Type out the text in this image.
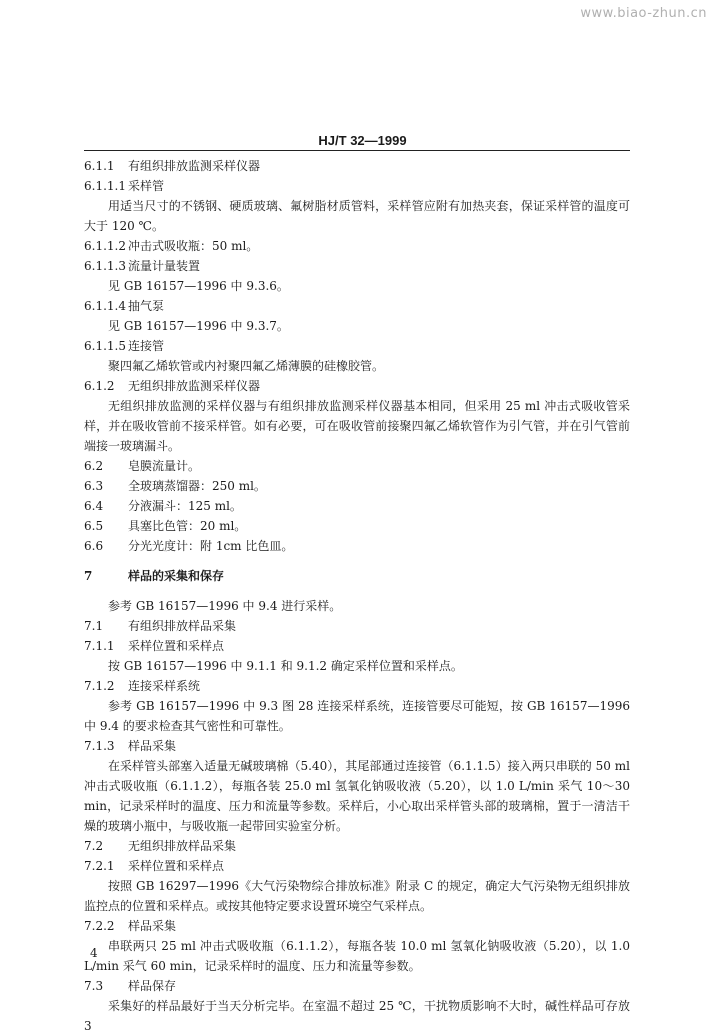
www.biao-zhun.cn
HJ/T 32—1999
6.1.1 有组织排放监测采样仪器
6.1.1.1 采样管
用适当尺寸的不锈钢、硬质玻璃、氟树脂材质管料，采样管应附有加热夹套，保证采样管的温度可大于 120 ℃。
6.1.1.2 冲击式吸收瓶：50 ml。
6.1.1.3 流量计量装置
见 GB 16157—1996 中 9.3.6。
6.1.1.4 抽气泵
见 GB 16157—1996 中 9.3.7。
6.1.1.5 连接管
聚四氟乙烯软管或内衬聚四氟乙烯薄膜的硅橡胶管。
6.1.2 无组织排放监测采样仪器
无组织排放监测的采样仪器与有组织排放监测采样仪器基本相同，但采用 25 ml 冲击式吸收管采样，并在吸收管前不接采样管。如有必要，可在吸收管前接聚四氟乙烯软管作为引气管，并在引气管前端接一玻璃漏斗。
6.2 皂膜流量计。
6.3 全玻璃蒸馏器：250 ml。
6.4 分液漏斗：125 ml。
6.5 具塞比色管：20 ml。
6.6 分光光度计：附 1cm 比色皿。
7	样品的采集和保存
参考 GB 16157—1996 中 9.4 进行采样。
7.1 有组织排放样品采集
7.1.1 采样位置和采样点
按 GB 16157—1996 中 9.1.1 和 9.1.2 确定采样位置和采样点。
7.1.2 连接采样系统
参考 GB 16157—1996 中 9.3 图 28 连接采样系统，连接管要尽可能短，按 GB 16157—1996 中 9.4 的要求检查其气密性和可靠性。
7.1.3 样品采集
在采样管头部塞入适量无碱玻璃棉（5.40），其尾部通过连接管（6.1.1.5）接入两只串联的 50 ml 冲击式吸收瓶（6.1.1.2），每瓶各装 25.0 ml 氢氧化钠吸收液（5.20），以 1.0 L/min 采气 10～30 min，记录采样时的温度、压力和流量等参数。采样后，小心取出采样管头部的玻璃棉，置于一清洁干燥的玻璃小瓶中，与吸收瓶一起带回实验室分析。
7.2 无组织排放样品采集
7.2.1 采样位置和采样点
按照 GB 16297—1996《大气污染物综合排放标准》附录 C 的规定，确定大气污染物无组织排放监控点的位置和采样点。或按其他特定要求设置环境空气采样点。
7.2.2 样品采集
串联两只 25 ml 冲击式吸收瓶（6.1.1.2），每瓶各装 10.0 ml 氢氧化钠吸收液（5.20），以 1.0 L/min 采气 60 min，记录采样时的温度、压力和流量等参数。
7.3 样品保存
采集好的样品最好于当天分析完毕。在室温不超过 25 ℃，干扰物质影响不大时，碱性样品可存放 3
4
